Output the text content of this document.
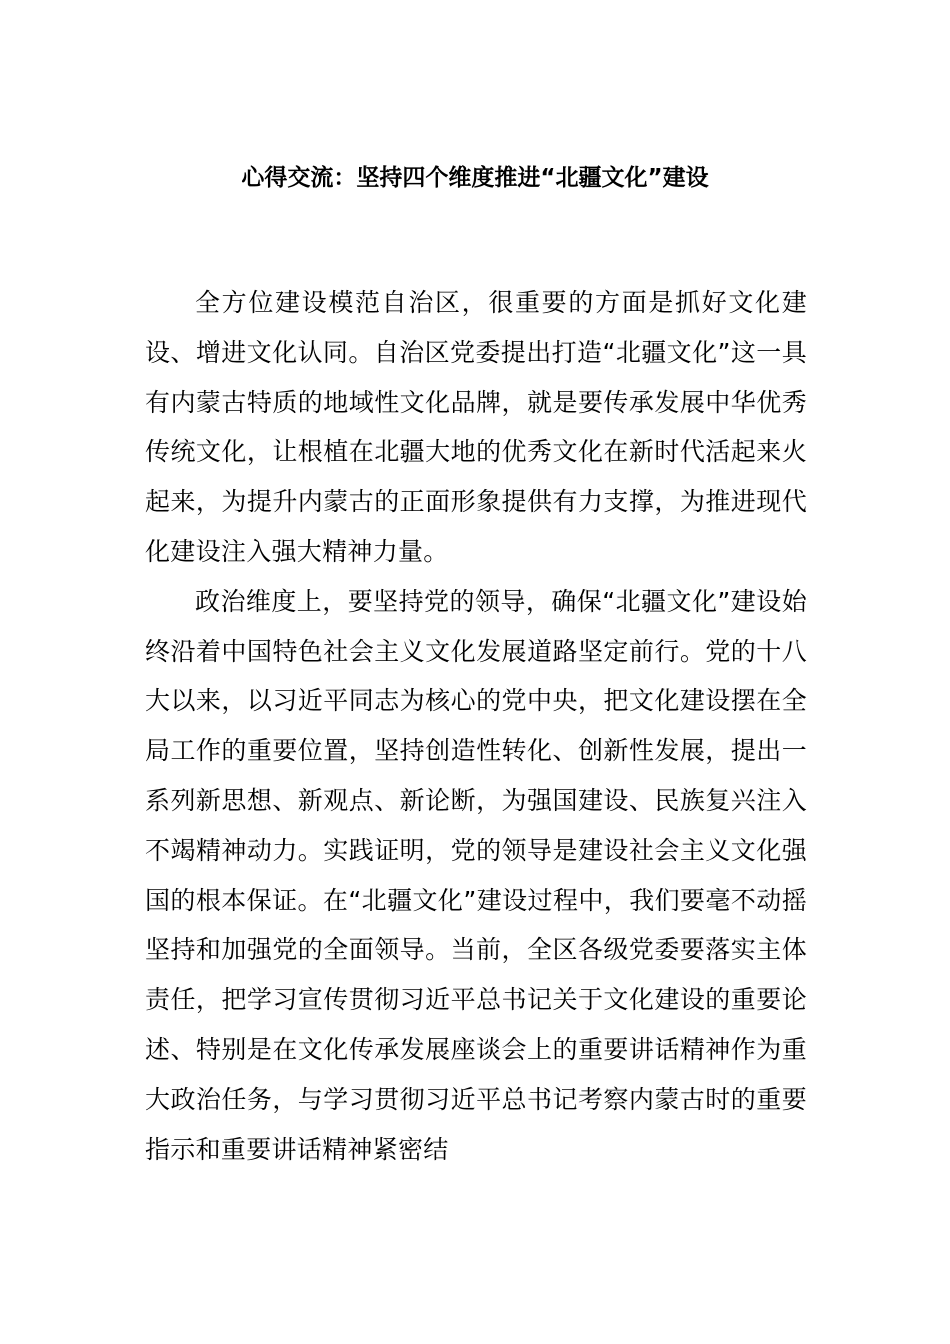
心得交流：坚持四个维度推进“北疆文化”建设

全方位建设模范自治区，很重要的方面是抓好文化建设、增进文化认同。自治区党委提出打造“北疆文化”这一具有内蒙古特质的地域性文化品牌，就是要传承发展中华优秀传统文化，让根植在北疆大地的优秀文化在新时代活起来火起来，为提升内蒙古的正面形象提供有力支撑，为推进现代化建设注入强大精神力量。

政治维度上，要坚持党的领导，确保“北疆文化”建设始终沿着中国特色社会主义文化发展道路坚定前行。党的十八大以来，以习近平同志为核心的党中央，把文化建设摆在全局工作的重要位置，坚持创造性转化、创新性发展，提出一系列新思想、新观点、新论断，为强国建设、民族复兴注入不竭精神动力。实践证明，党的领导是建设社会主义文化强国的根本保证。在“北疆文化”建设过程中，我们要毫不动摇坚持和加强党的全面领导。当前，全区各级党委要落实主体责任，把学习宣传贯彻习近平总书记关于文化建设的重要论述、特别是在文化传承发展座谈会上的重要讲话精神作为重大政治任务，与学习贯彻习近平总书记考察内蒙古时的重要指示和重要讲话精神紧密结
